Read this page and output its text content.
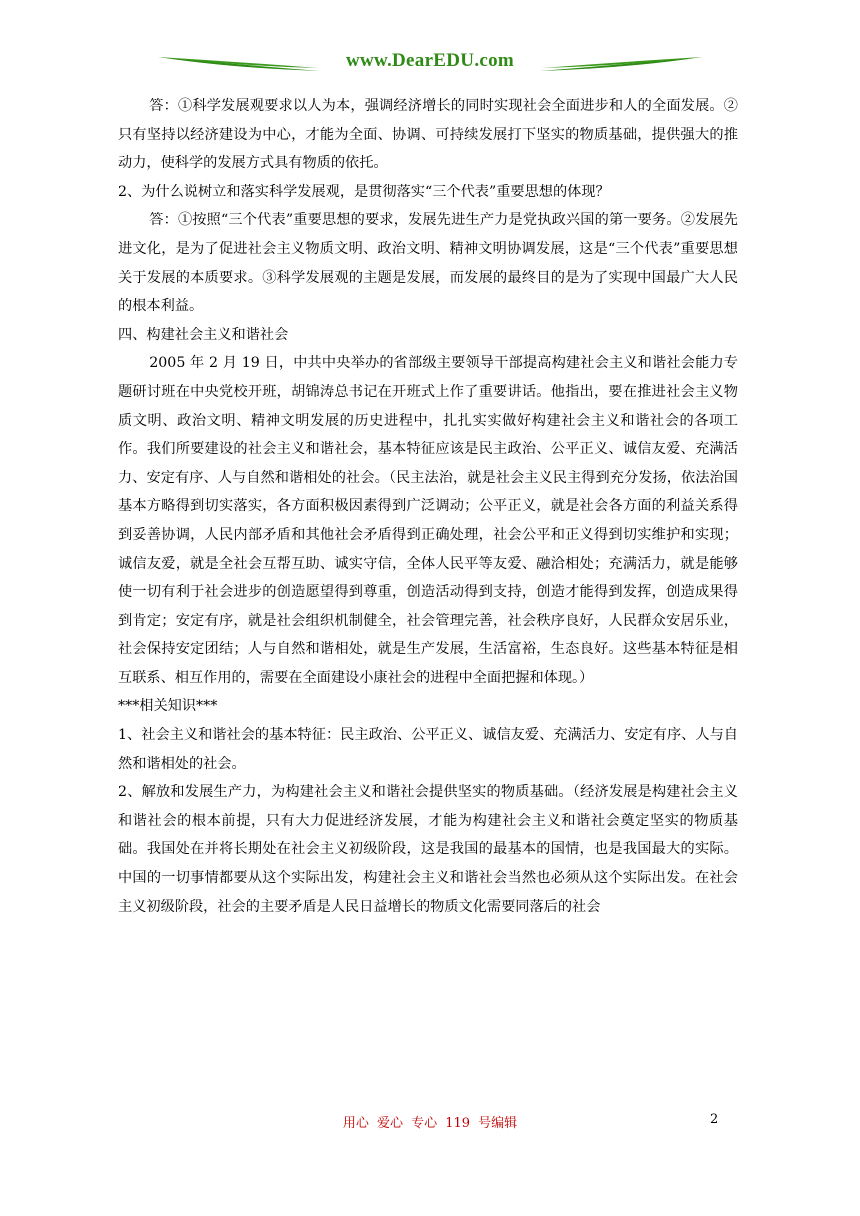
www.DearEDU.com

答：①科学发展观要求以人为本，强调经济增长的同时实现社会全面进步和人的全面发展。②只有坚持以经济建设为中心，才能为全面、协调、可持续发展打下坚实的物质基础，提供强大的推动力，使科学的发展方式具有物质的依托。

2、为什么说树立和落实科学发展观，是贯彻落实“三个代表”重要思想的体现？

答：①按照“三个代表”重要思想的要求，发展先进生产力是党执政兴国的第一要务。②发展先进文化，是为了促进社会主义物质文明、政治文明、精神文明协调发展，这是“三个代表”重要思想关于发展的本质要求。③科学发展观的主题是发展，而发展的最终目的是为了实现中国最广大人民的根本利益。

四、构建社会主义和谐社会

2005 年 2 月 19 日，中共中央举办的省部级主要领导干部提高构建社会主义和谐社会能力专题研讨班在中央党校开班，胡锦涛总书记在开班式上作了重要讲话。他指出，要在推进社会主义物质文明、政治文明、精神文明发展的历史进程中，扎扎实实做好构建社会主义和谐社会的各项工作。我们所要建设的社会主义和谐社会，基本特征应该是民主政治、公平正义、诚信友爱、充满活力、安定有序、人与自然和谐相处的社会。（民主法治，就是社会主义民主得到充分发扬，依法治国基本方略得到切实落实，各方面积极因素得到广泛调动；公平正义，就是社会各方面的利益关系得到妥善协调，人民内部矛盾和其他社会矛盾得到正确处理，社会公平和正义得到切实维护和实现；诚信友爱，就是全社会互帮互助、诚实守信，全体人民平等友爱、融洽相处；充满活力，就是能够使一切有利于社会进步的创造愿望得到尊重，创造活动得到支持，创造才能得到发挥，创造成果得到肯定；安定有序，就是社会组织机制健全，社会管理完善，社会秩序良好，人民群众安居乐业，社会保持安定团结；人与自然和谐相处，就是生产发展，生活富裕，生态良好。这些基本特征是相互联系、相互作用的，需要在全面建设小康社会的进程中全面把握和体现。）

***相关知识***

1、社会主义和谐社会的基本特征：民主政治、公平正义、诚信友爱、充满活力、安定有序、人与自然和谐相处的社会。

2、解放和发展生产力，为构建社会主义和谐社会提供坚实的物质基础。（经济发展是构建社会主义和谐社会的根本前提，只有大力促进经济发展，才能为构建社会主义和谐社会奠定坚实的物质基础。我国处在并将长期处在社会主义初级阶段，这是我国的最基本的国情，也是我国最大的实际。中国的一切事情都要从这个实际出发，构建社会主义和谐社会当然也必须从这个实际出发。在社会主义初级阶段，社会的主要矛盾是人民日益增长的物质文化需要同落后的社会

用心 爱心 专心 119 号编辑	2
